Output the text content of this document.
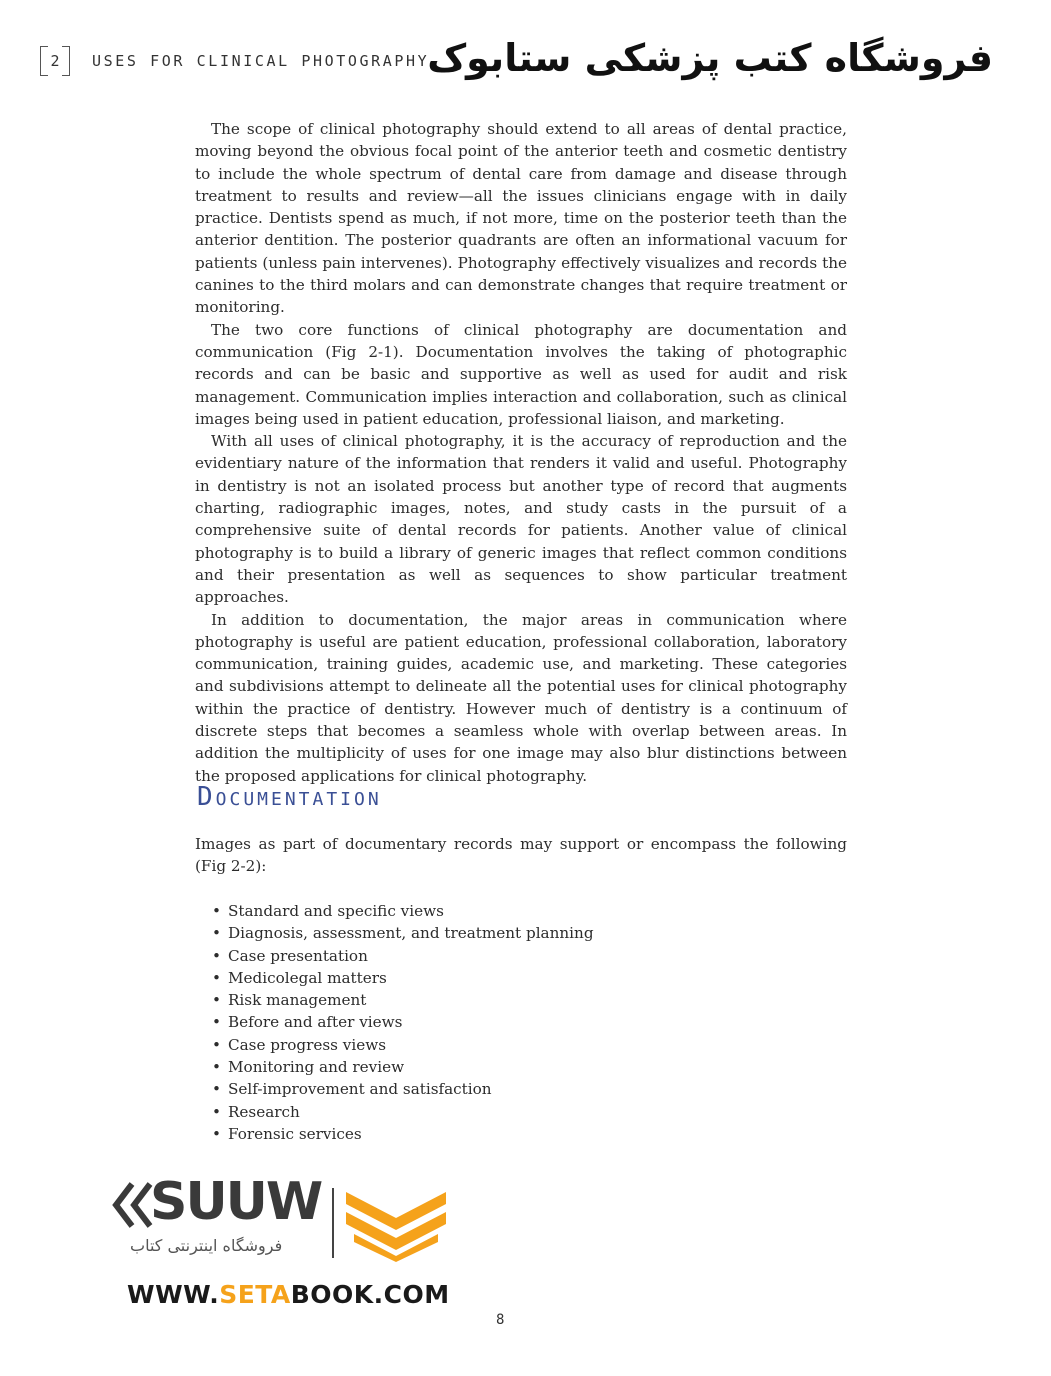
2	USES FOR CLINICAL PHOTOGRAPHY
فروشگاه کتب پزشکی ستابوک

The scope of clinical photography should extend to all areas of dental practice, moving beyond the obvious focal point of the anterior teeth and cosmetic dentistry to include the whole spectrum of dental care from damage and disease through treatment to results and review—all the issues clinicians engage with in daily practice. Dentists spend as much, if not more, time on the posterior teeth than the anterior dentition. The posterior quadrants are often an informational vacuum for patients (unless pain intervenes). Photography effectively visualizes and records the canines to the third molars and can demonstrate changes that require treatment or monitoring.

The two core functions of clinical photography are documentation and communication (Fig 2-1). Documentation involves the taking of photographic records and can be basic and supportive as well as used for audit and risk management. Communication implies interaction and collaboration, such as clinical images being used in patient education, professional liaison, and marketing.

With all uses of clinical photography, it is the accuracy of reproduction and the evidentiary nature of the information that renders it valid and useful. Photography in dentistry is not an isolated process but another type of record that augments charting, radiographic images, notes, and study casts in the pursuit of a comprehensive suite of dental records for patients. Another value of clinical photography is to build a library of generic images that reflect common conditions and their presentation as well as sequences to show particular treatment approaches.

In addition to documentation, the major areas in communication where photography is useful are patient education, professional collaboration, laboratory communication, training guides, academic use, and marketing. These categories and subdivisions attempt to delineate all the potential uses for clinical photography within the practice of dentistry. However much of dentistry is a continuum of discrete steps that becomes a seamless whole with overlap between areas. In addition the multiplicity of uses for one image may also blur distinctions between the proposed applications for clinical photography.

Documentation

Images as part of documentary records may support or encompass the following (Fig 2-2):

• Standard and specific views
• Diagnosis, assessment, and treatment planning
• Case presentation
• Medicolegal matters
• Risk management
• Before and after views
• Case progress views
• Monitoring and review
• Self-improvement and satisfaction
• Research
• Forensic services
SUUW
فروشگاه اینترنتی کتاب
WWW.SETABOOK.COM
8
